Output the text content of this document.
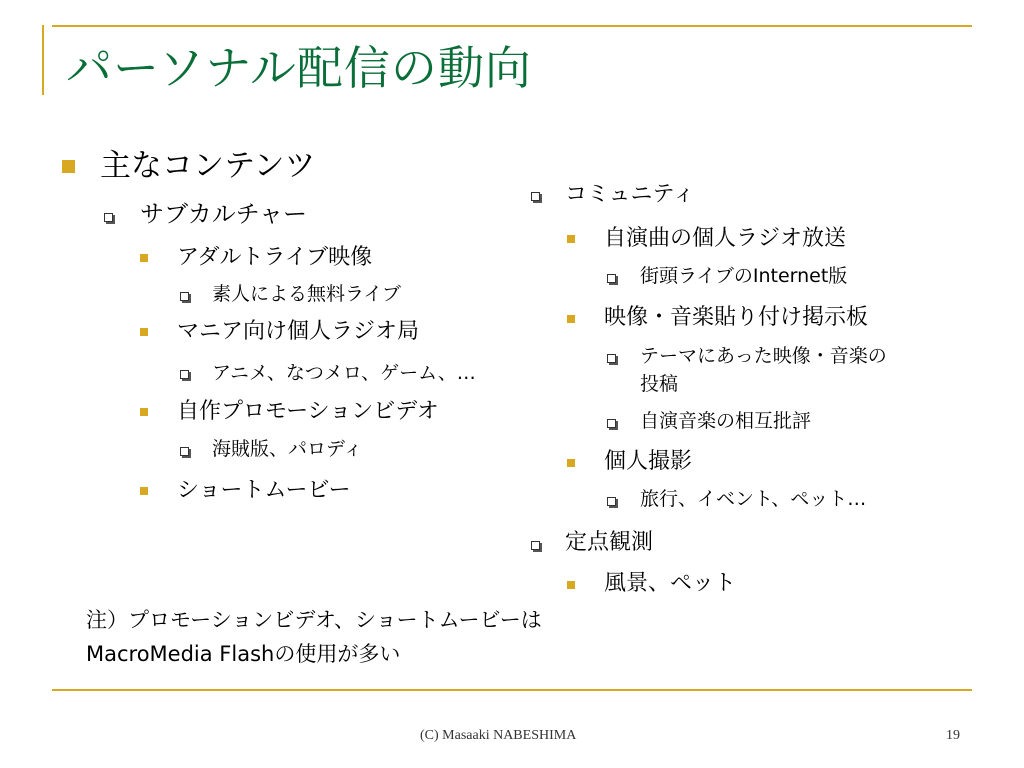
パーソナル配信の動向
主なコンテンツ
サブカルチャー
アダルトライブ映像
素人による無料ライブ
マニア向け個人ラジオ局
アニメ、なつメロ、ゲーム、…
自作プロモーションビデオ
海賊版、パロディ
ショートムービー
コミュニティ
自演曲の個人ラジオ放送
街頭ライブのInternet版
映像・音楽貼り付け掲示板
テーマにあった映像・音楽の
投稿
自演音楽の相互批評
個人撮影
旅行、イベント、ペット…
定点観測
風景、ペット
注）プロモーションビデオ、ショートムービーは
MacroMedia Flashの使用が多い
(C) Masaaki NABESHIMA	19
